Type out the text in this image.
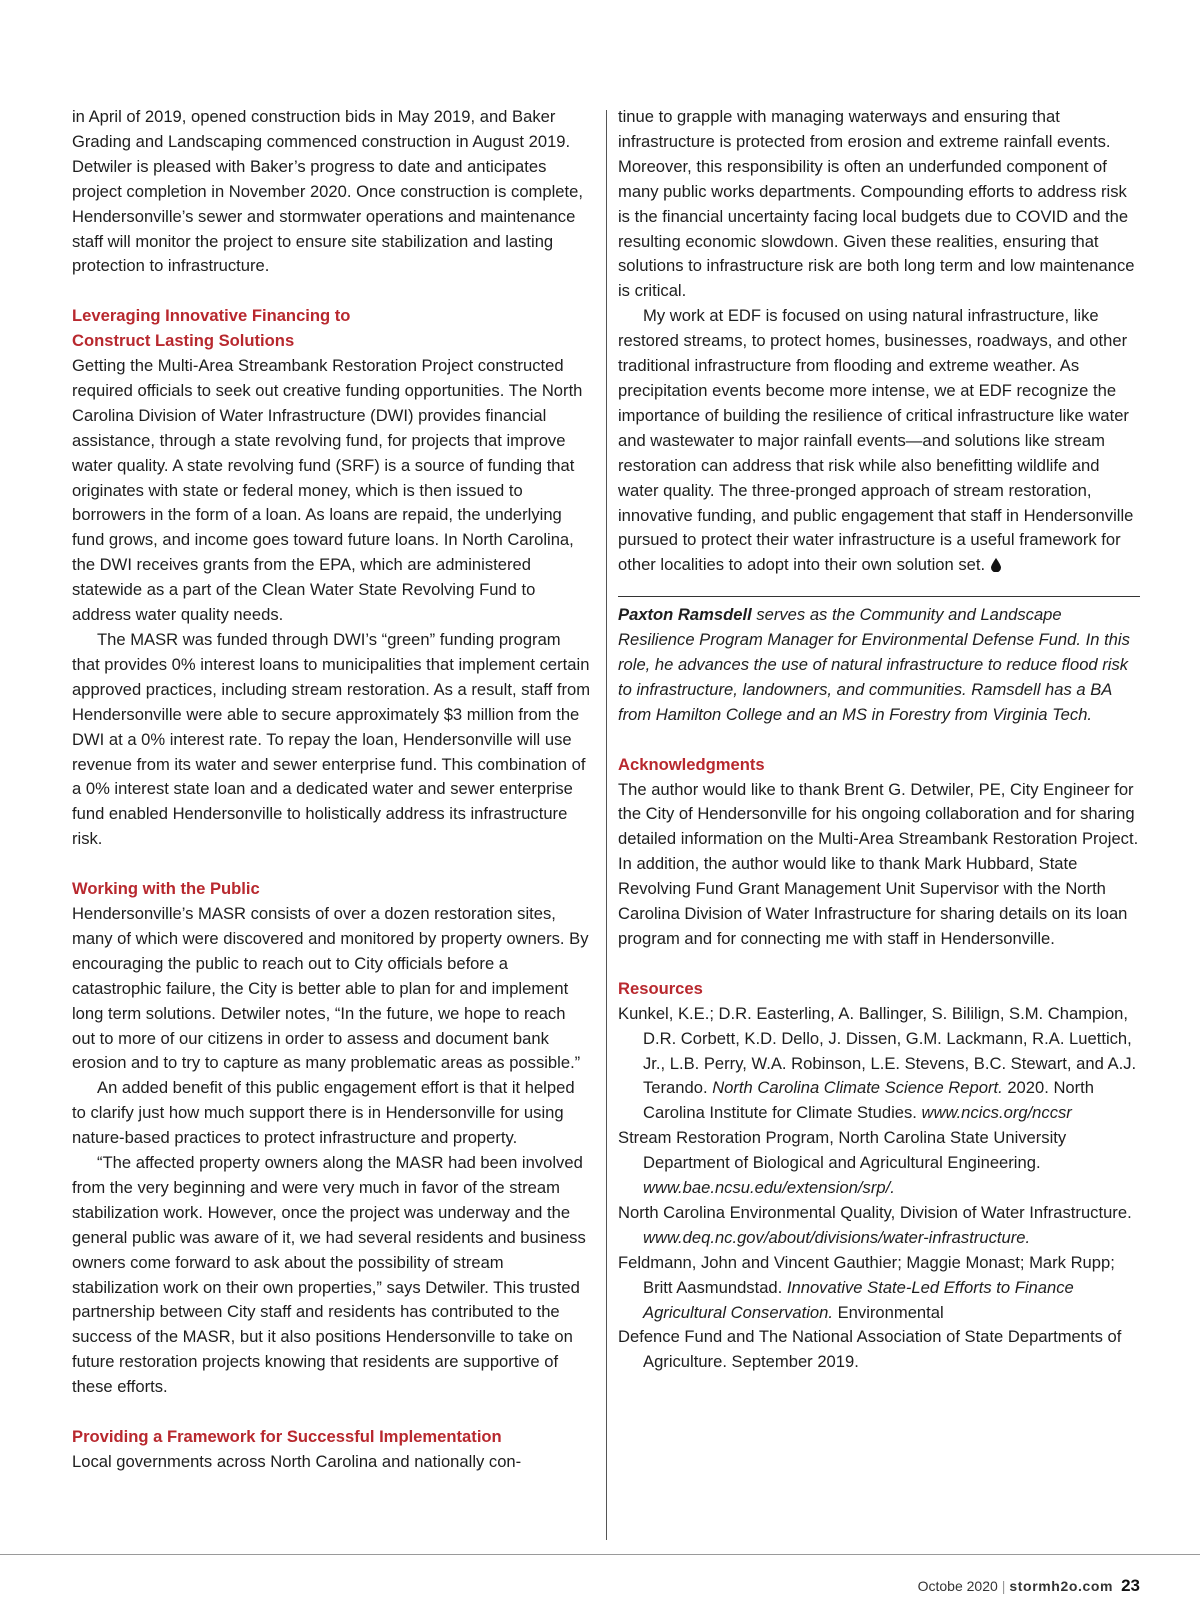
in April of 2019, opened construction bids in May 2019, and Baker Grading and Landscaping commenced construction in August 2019. Detwiler is pleased with Baker’s progress to date and anticipates project completion in November 2020. Once construction is complete, Hendersonville’s sewer and stormwater operations and maintenance staff will monitor the project to ensure site stabilization and lasting protection to infrastructure.

Leveraging Innovative Financing to
Construct Lasting Solutions

Getting the Multi-Area Streambank Restoration Project constructed required officials to seek out creative funding opportunities. The North Carolina Division of Water Infrastructure (DWI) provides financial assistance, through a state revolving fund, for projects that improve water quality. A state revolving fund (SRF) is a source of funding that originates with state or federal money, which is then issued to borrowers in the form of a loan. As loans are repaid, the underlying fund grows, and income goes toward future loans. In North Carolina, the DWI receives grants from the EPA, which are administered statewide as a part of the Clean Water State Revolving Fund to address water quality needs.

The MASR was funded through DWI’s “green” funding program that provides 0% interest loans to municipalities that implement certain approved practices, including stream restoration. As a result, staff from Hendersonville were able to secure approximately $3 million from the DWI at a 0% interest rate. To repay the loan, Hendersonville will use revenue from its water and sewer enterprise fund. This combination of a 0% interest state loan and a dedicated water and sewer enterprise fund enabled Hendersonville to holistically address its infrastructure risk.

Working with the Public

Hendersonville’s MASR consists of over a dozen restoration sites, many of which were discovered and monitored by property owners. By encouraging the public to reach out to City officials before a catastrophic failure, the City is better able to plan for and implement long term solutions. Detwiler notes, “In the future, we hope to reach out to more of our citizens in order to assess and document bank erosion and to try to capture as many problematic areas as possible.”

An added benefit of this public engagement effort is that it helped to clarify just how much support there is in Hendersonville for using nature-based practices to protect infrastructure and property.

“The affected property owners along the MASR had been involved from the very beginning and were very much in favor of the stream stabilization work. However, once the project was underway and the general public was aware of it, we had several residents and business owners come forward to ask about the possibility of stream stabilization work on their own properties,” says Detwiler. This trusted partnership between City staff and residents has contributed to the success of the MASR, but it also positions Hendersonville to take on future restoration projects knowing that residents are supportive of these efforts.

Providing a Framework for Successful Implementation

Local governments across North Carolina and nationally con-

tinue to grapple with managing waterways and ensuring that infrastructure is protected from erosion and extreme rainfall events. Moreover, this responsibility is often an underfunded component of many public works departments. Compounding efforts to address risk is the financial uncertainty facing local budgets due to COVID and the resulting economic slowdown. Given these realities, ensuring that solutions to infrastructure risk are both long term and low maintenance is critical.

My work at EDF is focused on using natural infrastructure, like restored streams, to protect homes, businesses, roadways, and other traditional infrastructure from flooding and extreme weather. As precipitation events become more intense, we at EDF recognize the importance of building the resilience of critical infrastructure like water and wastewater to major rainfall events—and solutions like stream restoration can address that risk while also benefitting wildlife and water quality. The three-pronged approach of stream restoration, innovative funding, and public engagement that staff in Hendersonville pursued to protect their water infrastructure is a useful framework for other localities to adopt into their own solution set.

Paxton Ramsdell serves as the Community and Landscape Resilience Program Manager for Environmental Defense Fund. In this role, he advances the use of natural infrastructure to reduce flood risk to infrastructure, landowners, and communities. Ramsdell has a BA from Hamilton College and an MS in Forestry from Virginia Tech.

Acknowledgments

The author would like to thank Brent G. Detwiler, PE, City Engineer for the City of Hendersonville for his ongoing collaboration and for sharing detailed information on the Multi-Area Streambank Restoration Project. In addition, the author would like to thank Mark Hubbard, State Revolving Fund Grant Management Unit Supervisor with the North Carolina Division of Water Infrastructure for sharing details on its loan program and for connecting me with staff in Hendersonville.

Resources

Kunkel, K.E.; D.R. Easterling, A. Ballinger, S. Bililign, S.M. Champion, D.R. Corbett, K.D. Dello, J. Dissen, G.M. Lackmann, R.A. Luettich, Jr., L.B. Perry, W.A. Robinson, L.E. Stevens, B.C. Stewart, and A.J. Terando. North Carolina Climate Science Report. 2020. North Carolina Institute for Climate Studies. www.ncics.org/nccsr

Stream Restoration Program, North Carolina State University Department of Biological and Agricultural Engineering. www.bae.ncsu.edu/extension/srp/.

North Carolina Environmental Quality, Division of Water Infrastructure. www.deq.nc.gov/about/divisions/water-infrastructure.

Feldmann, John and Vincent Gauthier; Maggie Monast; Mark Rupp; Britt Aasmundstad. Innovative State-Led Efforts to Finance Agricultural Conservation. Environmental

Defence Fund and The National Association of State Departments of Agriculture. September 2019.

Octobe 2020 | stormh2o.com 23
